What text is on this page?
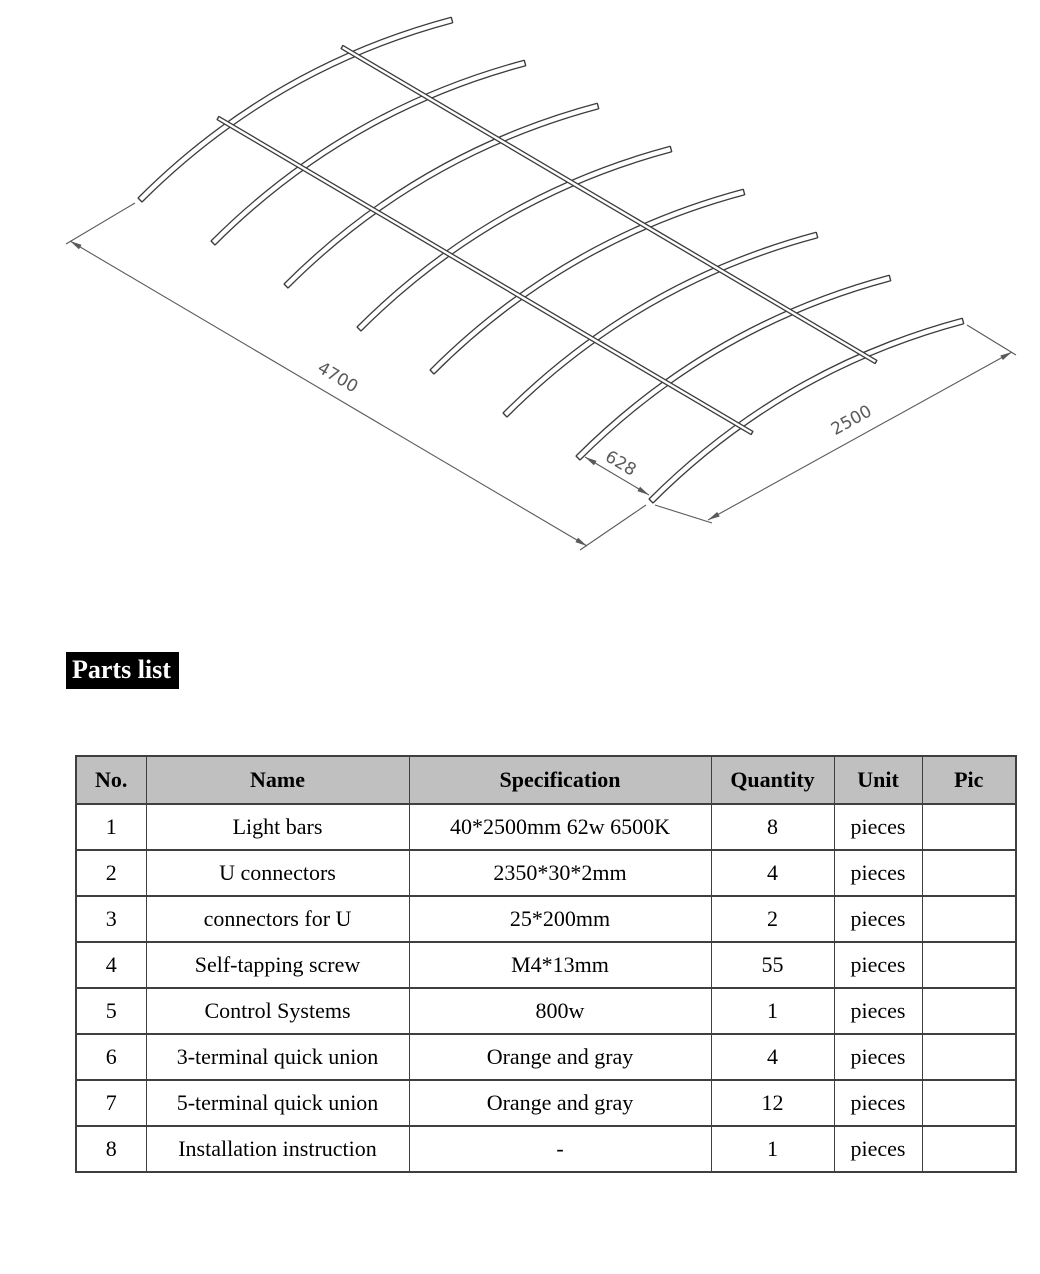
4700
2500
628
Parts list
No.	Name	Specification	Quantity	Unit	Pic
1	Light bars	40*2500mm 62w 6500K	8	pieces	
2	U connectors	2350*30*2mm	4	pieces	
3	connectors for U	25*200mm	2	pieces	
4	Self-tapping screw	M4*13mm	55	pieces	
5	Control Systems	800w	1	pieces	
6	3-terminal quick union	Orange and gray	4	pieces	
7	5-terminal quick union	Orange and gray	12	pieces	
8	Installation instruction	-	1	pieces	
